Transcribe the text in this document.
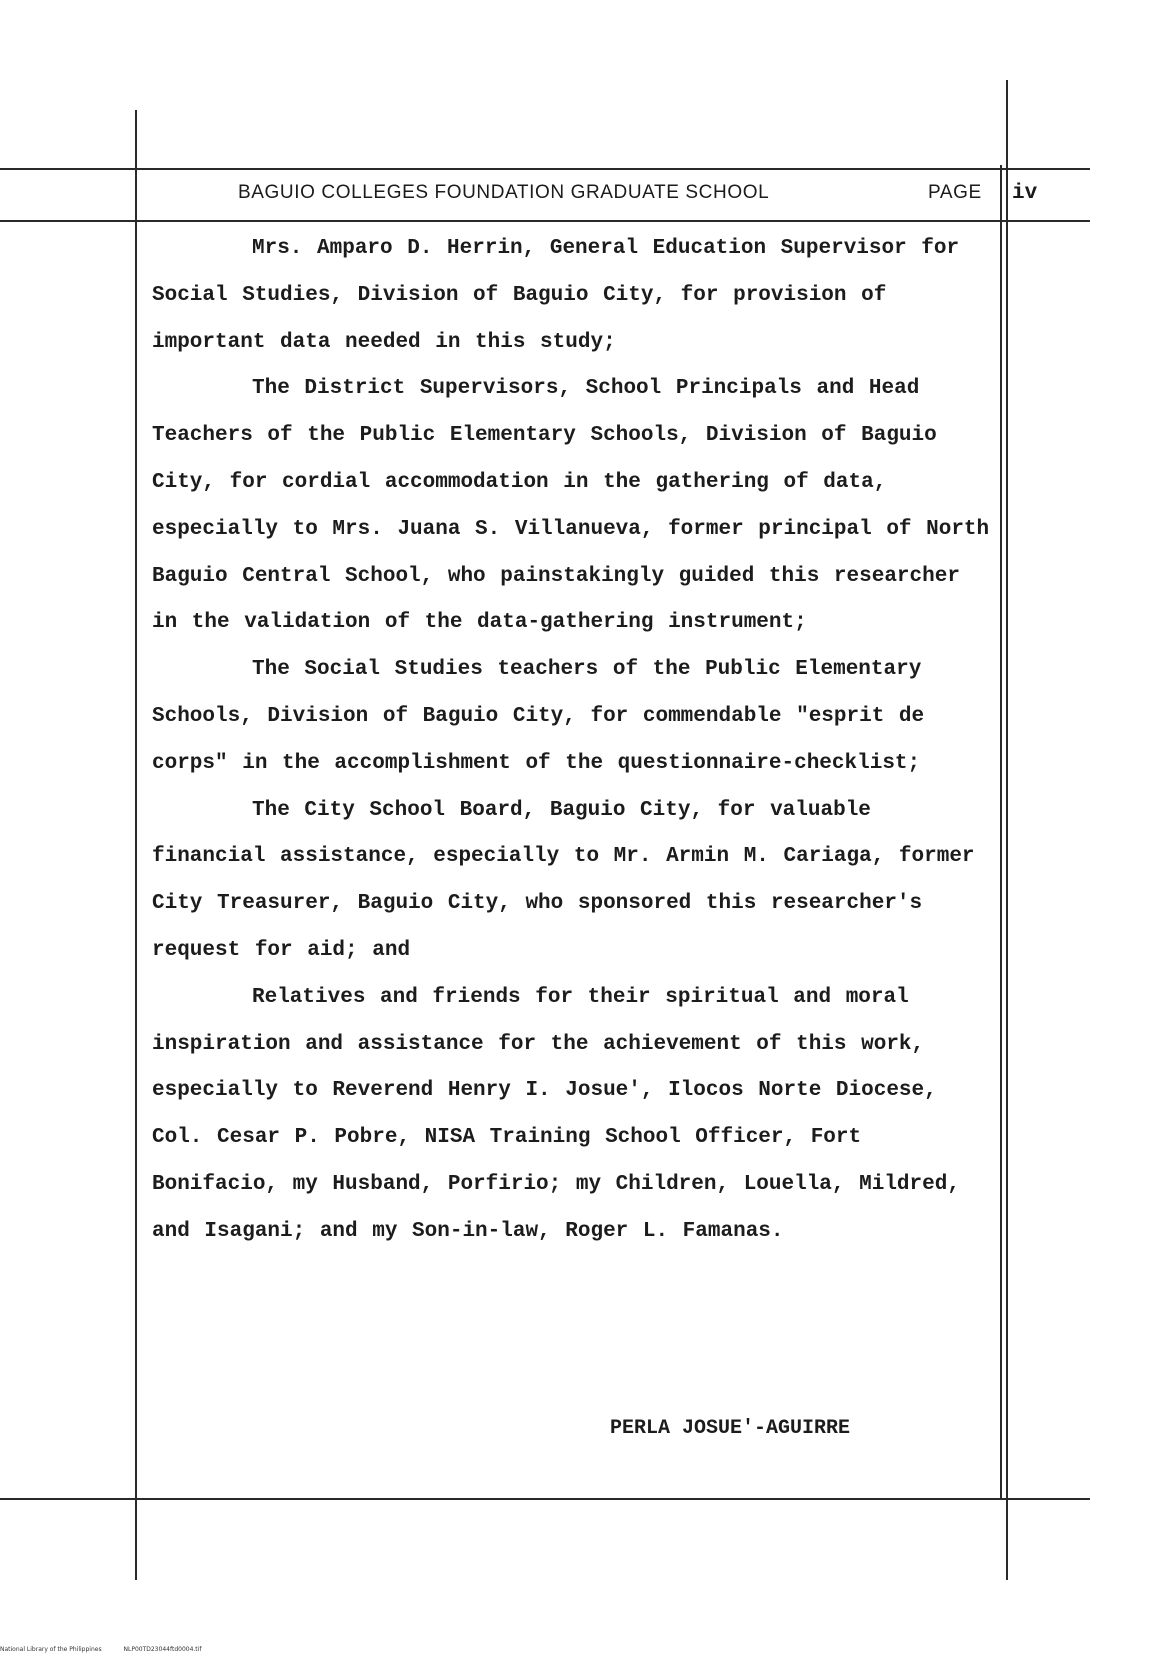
BAGUIO COLLEGES FOUNDATION GRADUATE SCHOOL	PAGE iv

Mrs. Amparo D. Herrin, General Education Supervisor for Social Studies, Division of Baguio City, for provision of important data needed in this study;

The District Supervisors, School Principals and Head Teachers of the Public Elementary Schools, Division of Baguio City, for cordial accommodation in the gathering of data, especially to Mrs. Juana S. Villanueva, former principal of North Baguio Central School, who painstakingly guided this researcher in the validation of the data-gathering instrument;

The Social Studies teachers of the Public Elementary Schools, Division of Baguio City, for commendable "esprit de corps" in the accomplishment of the questionnaire-checklist;

The City School Board, Baguio City, for valuable financial assistance, especially to Mr. Armin M. Cariaga, former City Treasurer, Baguio City, who sponsored this researcher's request for aid; and

Relatives and friends for their spiritual and moral inspiration and assistance for the achievement of this work, especially to Reverend Henry I. Josue', Ilocos Norte Diocese, Col. Cesar P. Pobre, NISA Training School Officer, Fort Bonifacio, my Husband, Porfirio; my Children, Louella, Mildred, and Isagani; and my Son-in-law, Roger L. Famanas.

PERLA JOSUE'-AGUIRRE
National Library of the Philippines	NLP00TD23044ftd0004.tif
